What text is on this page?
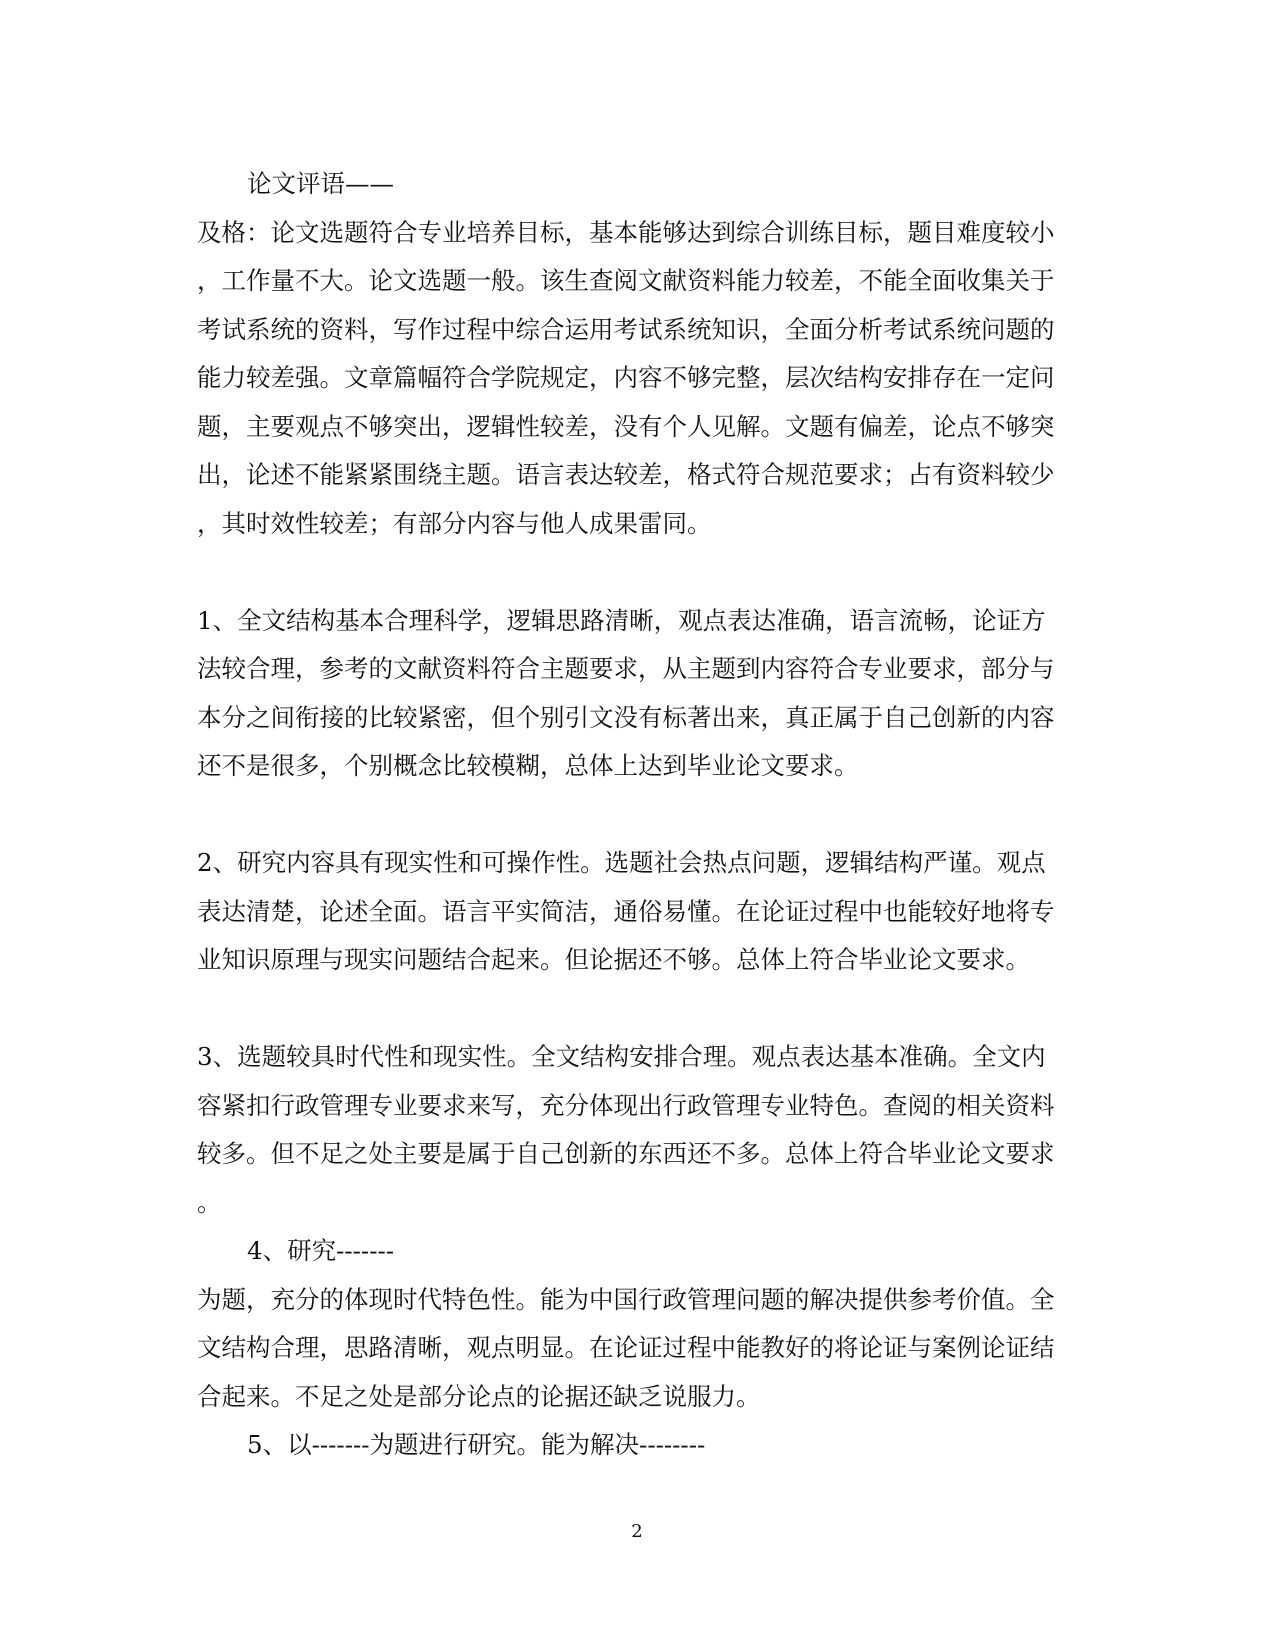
论文评语——
及格：论文选题符合专业培养目标，基本能够达到综合训练目标，题目难度较小
，工作量不大。论文选题一般。该生查阅文献资料能力较差，不能全面收集关于
考试系统的资料，写作过程中综合运用考试系统知识，全面分析考试系统问题的
能力较差强。文章篇幅符合学院规定，内容不够完整，层次结构安排存在一定问
题，主要观点不够突出，逻辑性较差，没有个人见解。文题有偏差，论点不够突
出，论述不能紧紧围绕主题。语言表达较差，格式符合规范要求；占有资料较少
，其时效性较差；有部分内容与他人成果雷同。
1、全文结构基本合理科学，逻辑思路清晰，观点表达准确，语言流畅，论证方
法较合理，参考的文献资料符合主题要求，从主题到内容符合专业要求，部分与
本分之间衔接的比较紧密，但个别引文没有标著出来，真正属于自己创新的内容
还不是很多，个别概念比较模糊，总体上达到毕业论文要求。
2、研究内容具有现实性和可操作性。选题社会热点问题，逻辑结构严谨。观点
表达清楚，论述全面。语言平实简洁，通俗易懂。在论证过程中也能较好地将专
业知识原理与现实问题结合起来。但论据还不够。总体上符合毕业论文要求。
3、选题较具时代性和现实性。全文结构安排合理。观点表达基本准确。全文内
容紧扣行政管理专业要求来写，充分体现出行政管理专业特色。查阅的相关资料
较多。但不足之处主要是属于自己创新的东西还不多。总体上符合毕业论文要求
。
4、研究-------
为题，充分的体现时代特色性。能为中国行政管理问题的解决提供参考价值。全
文结构合理，思路清晰，观点明显。在论证过程中能教好的将论证与案例论证结
合起来。不足之处是部分论点的论据还缺乏说服力。
5、以-------为题进行研究。能为解决--------
2
